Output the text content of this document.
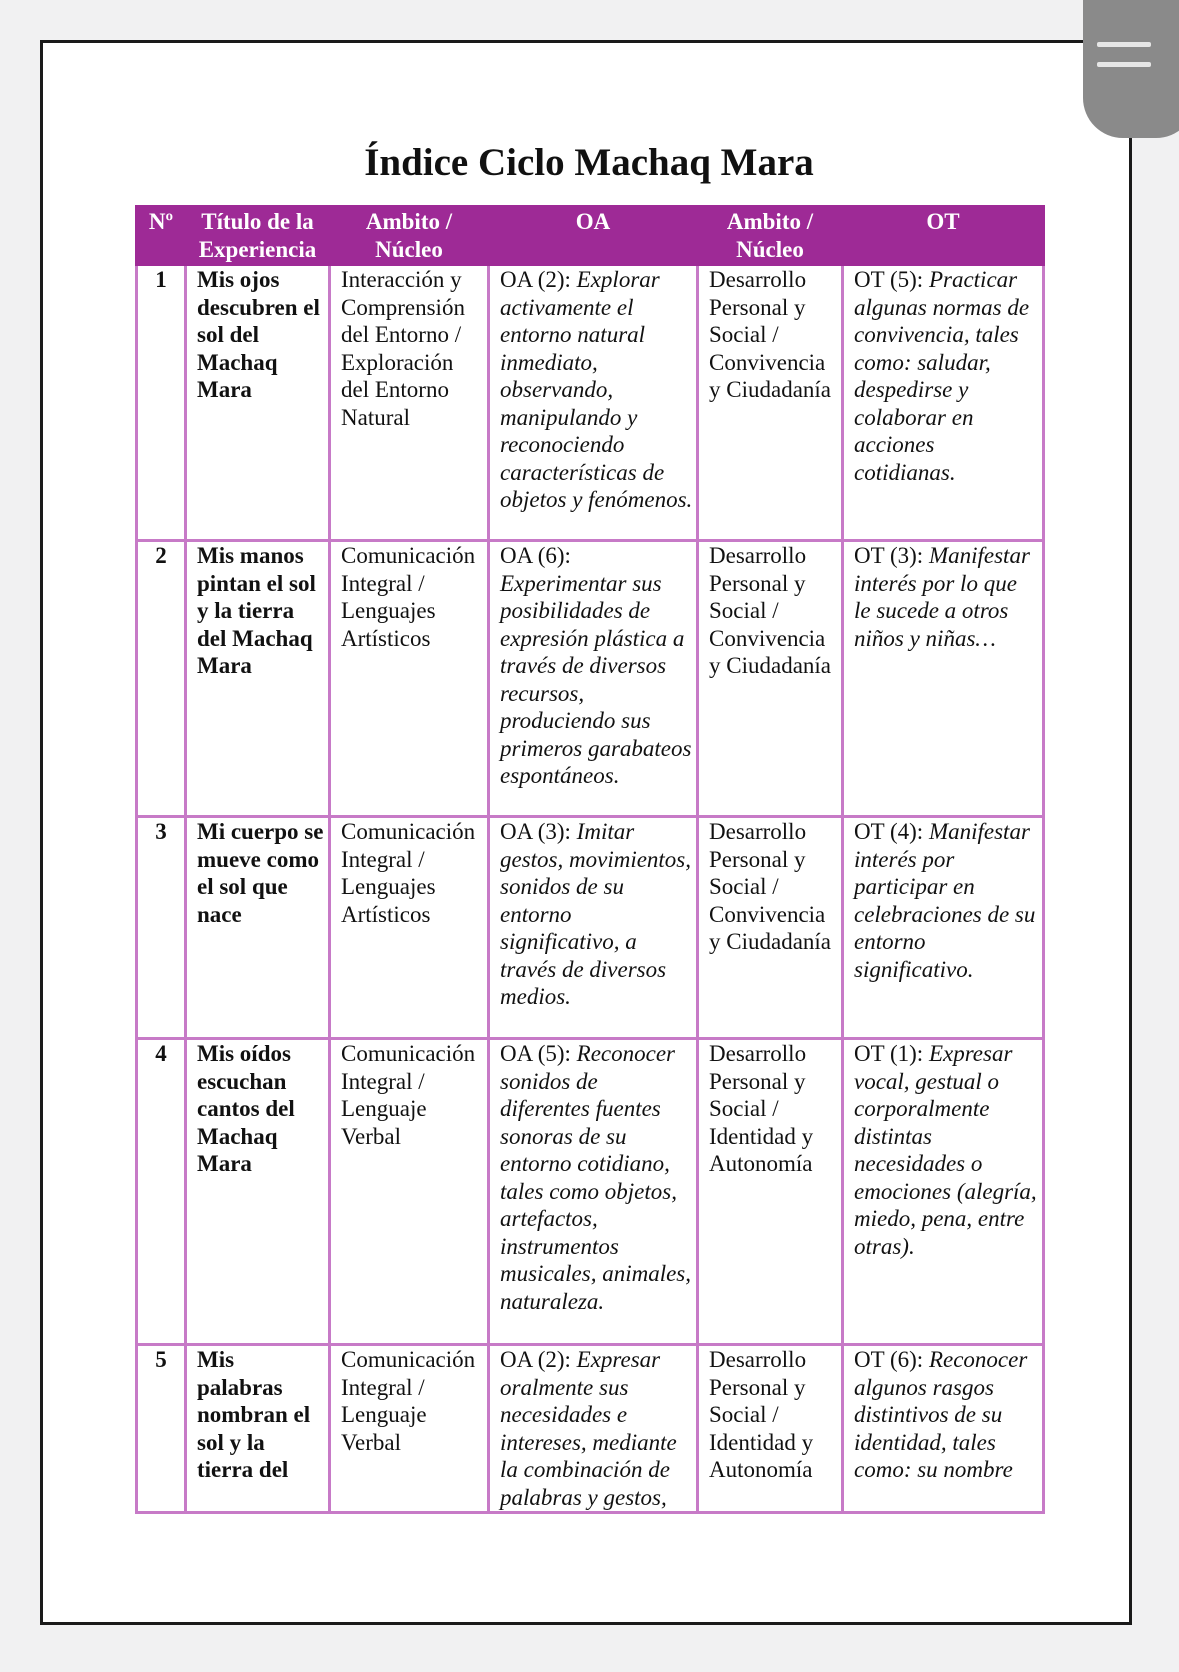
Índice Ciclo Machaq Mara
Nº	Título de la Experiencia	Ambito / Núcleo	OA	Ambito / Núcleo	OT
1	Mis ojos descubren el sol del Machaq Mara	Interacción y Comprensión del Entorno / Exploración del Entorno Natural	OA (2): Explorar activamente el entorno natural inmediato, observando, manipulando y reconociendo características de objetos y fenómenos.	Desarrollo Personal y Social / Convivencia y Ciudadanía	OT (5): Practicar algunas normas de convivencia, tales como: saludar, despedirse y colaborar en acciones cotidianas.
2	Mis manos pintan el sol y la tierra del Machaq Mara	Comunicación Integral / Lenguajes Artísticos	OA (6): Experimentar sus posibilidades de expresión plástica a través de diversos recursos, produciendo sus primeros garabateos espontáneos.	Desarrollo Personal y Social / Convivencia y Ciudadanía	OT (3): Manifestar interés por lo que le sucede a otros niños y niñas…
3	Mi cuerpo se mueve como el sol que nace	Comunicación Integral / Lenguajes Artísticos	OA (3): Imitar gestos, movimientos, sonidos de su entorno significativo, a través de diversos medios.	Desarrollo Personal y Social / Convivencia y Ciudadanía	OT (4): Manifestar interés por participar en celebraciones de su entorno significativo.
4	Mis oídos escuchan cantos del Machaq Mara	Comunicación Integral / Lenguaje Verbal	OA (5): Reconocer sonidos de diferentes fuentes sonoras de su entorno cotidiano, tales como objetos, artefactos, instrumentos musicales, animales, naturaleza.	Desarrollo Personal y Social / Identidad y Autonomía	OT (1): Expresar vocal, gestual o corporalmente distintas necesidades o emociones (alegría, miedo, pena, entre otras).
5	Mis palabras nombran el sol y la tierra del	Comunicación Integral / Lenguaje Verbal	OA (2): Expresar oralmente sus necesidades e intereses, mediante la combinación de palabras y gestos,	Desarrollo Personal y Social / Identidad y Autonomía	OT (6): Reconocer algunos rasgos distintivos de su identidad, tales como: su nombre
